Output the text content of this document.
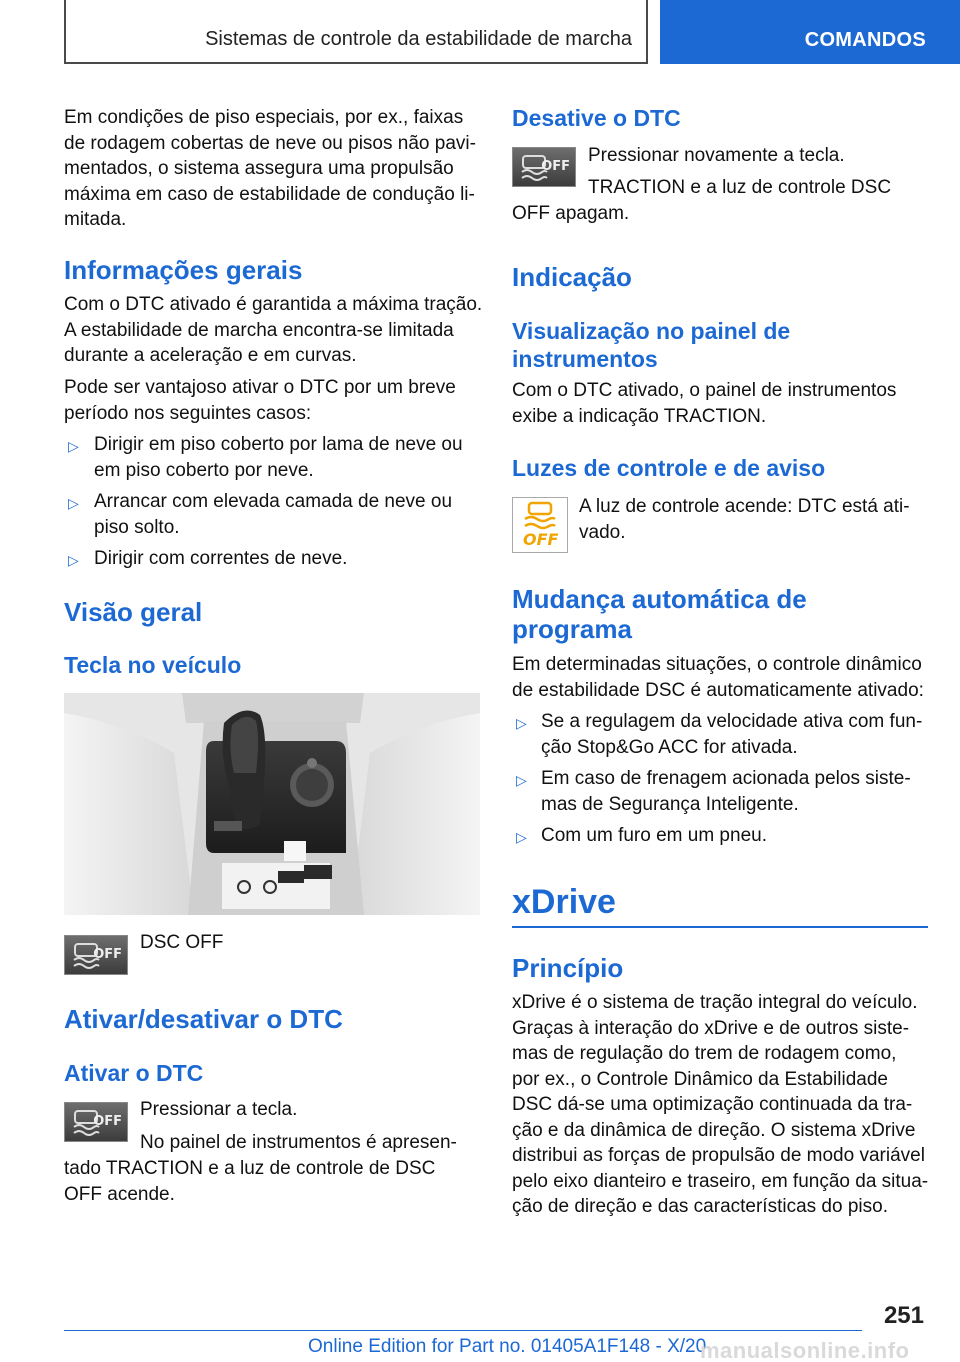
Sistemas de controle da estabilidade de marcha	COMANDOS
Em condições de piso especiais, por ex., faixas
de rodagem cobertas de neve ou pisos não pavi-
mentados, o sistema assegura uma propulsão
máxima em caso de estabilidade de condução li-
mitada.
Informações gerais
Com o DTC ativado é garantida a máxima tração.
A estabilidade de marcha encontra-se limitada
durante a aceleração e em curvas.
Pode ser vantajoso ativar o DTC por um breve
período nos seguintes casos:
▷ Dirigir em piso coberto por lama de neve ou
em piso coberto por neve.
▷ Arrancar com elevada camada de neve ou
piso solto.
▷ Dirigir com correntes de neve.
Visão geral
Tecla no veículo
OFF
DSC OFF
Ativar/desativar o DTC
Ativar o DTC
OFF
Pressionar a tecla.
No painel de instrumentos é apresen-
tado TRACTION e a luz de controle de DSC
OFF acende.
Desative o DTC
OFF
Pressionar novamente a tecla.
TRACTION e a luz de controle DSC
OFF apagam.
Indicação
Visualização no painel de
instrumentos
Com o DTC ativado, o painel de instrumentos
exibe a indicação TRACTION.
Luzes de controle e de aviso
OFF
A luz de controle acende: DTC está ati-
vado.
Mudança automática de
programa
Em determinadas situações, o controle dinâmico
de estabilidade DSC é automaticamente ativado:
▷ Se a regulagem da velocidade ativa com fun-
ção Stop&Go ACC for ativada.
▷ Em caso de frenagem acionada pelos siste-
mas de Segurança Inteligente.
▷ Com um furo em um pneu.
xDrive
Princípio
xDrive é o sistema de tração integral do veículo.
Graças à interação do xDrive e de outros siste-
mas de regulação do trem de rodagem como,
por ex., o Controle Dinâmico da Estabilidade
DSC dá-se uma optimização continuada da tra-
ção e da dinâmica de direção. O sistema xDrive
distribui as forças de propulsão de modo variável
pelo eixo dianteiro e traseiro, em função da situa-
ção de direção e das características do piso.
251
Online Edition for Part no. 01405A1F148 - X/20
manualsonline.info
